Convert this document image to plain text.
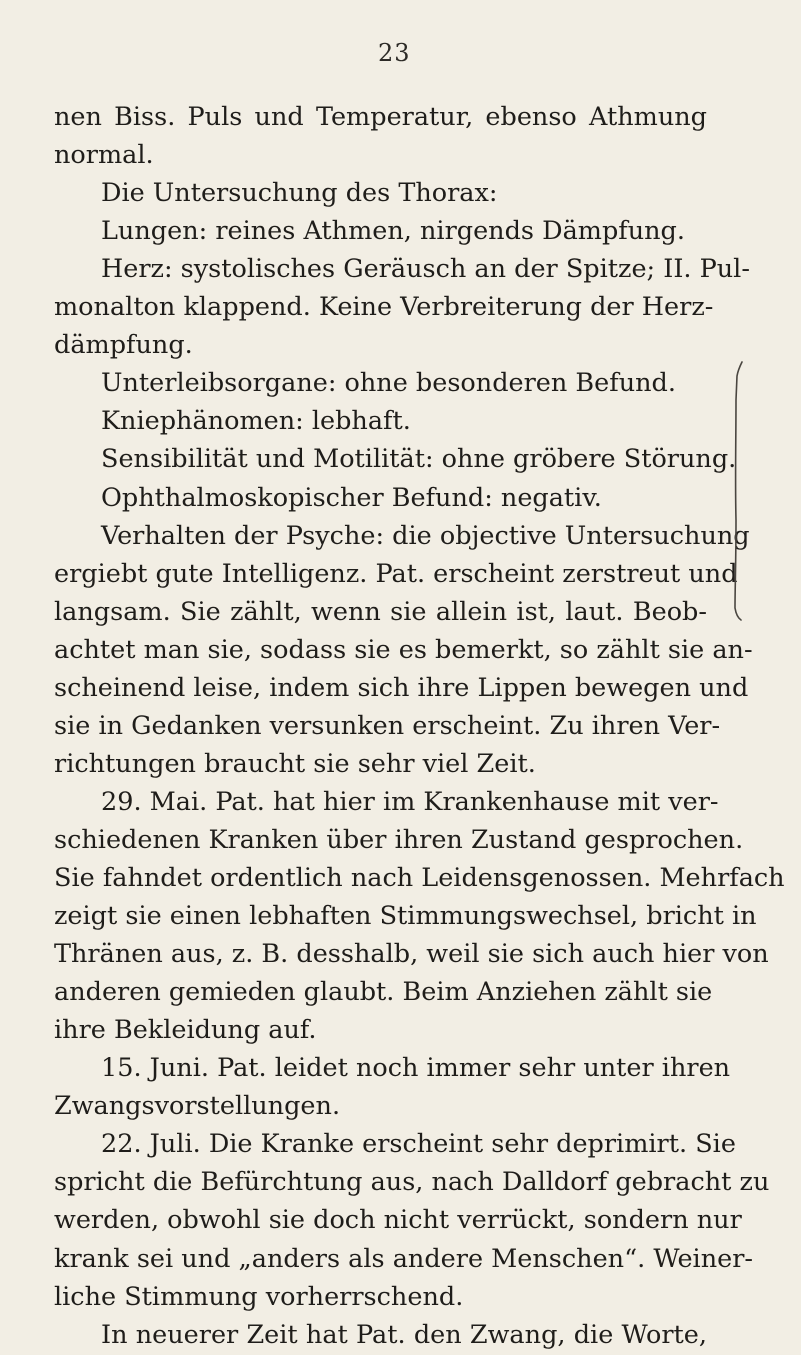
23
nen Biss. Puls und Temperatur, ebenso Athmung
normal.
Die Untersuchung des Thorax:
Lungen: reines Athmen, nirgends Dämpfung.
Herz: systolisches Geräusch an der Spitze; II. Pul-
monalton klappend. Keine Verbreiterung der Herz-
dämpfung.
Unterleibsorgane: ohne besonderen Befund.
Kniephänomen: lebhaft.
Sensibilität und Motilität: ohne gröbere Störung.
Ophthalmoskopischer Befund: negativ.
Verhalten der Psyche: die objective Untersuchung
ergiebt gute Intelligenz. Pat. erscheint zerstreut und
langsam. Sie zählt, wenn sie allein ist, laut. Beob-
achtet man sie, sodass sie es bemerkt, so zählt sie an-
scheinend leise, indem sich ihre Lippen bewegen und
sie in Gedanken versunken erscheint. Zu ihren Ver-
richtungen braucht sie sehr viel Zeit.
29. Mai. Pat. hat hier im Krankenhause mit ver-
schiedenen Kranken über ihren Zustand gesprochen.
Sie fahndet ordentlich nach Leidensgenossen. Mehrfach
zeigt sie einen lebhaften Stimmungswechsel, bricht in
Thränen aus, z. B. desshalb, weil sie sich auch hier von
anderen gemieden glaubt. Beim Anziehen zählt sie
ihre Bekleidung auf.
15. Juni. Pat. leidet noch immer sehr unter ihren
Zwangsvorstellungen.
22. Juli. Die Kranke erscheint sehr deprimirt. Sie
spricht die Befürchtung aus, nach Dalldorf gebracht zu
werden, obwohl sie doch nicht verrückt, sondern nur
krank sei und „anders als andere Menschen“. Weiner-
liche Stimmung vorherrschend.
In neuerer Zeit hat Pat. den Zwang, die Worte,
